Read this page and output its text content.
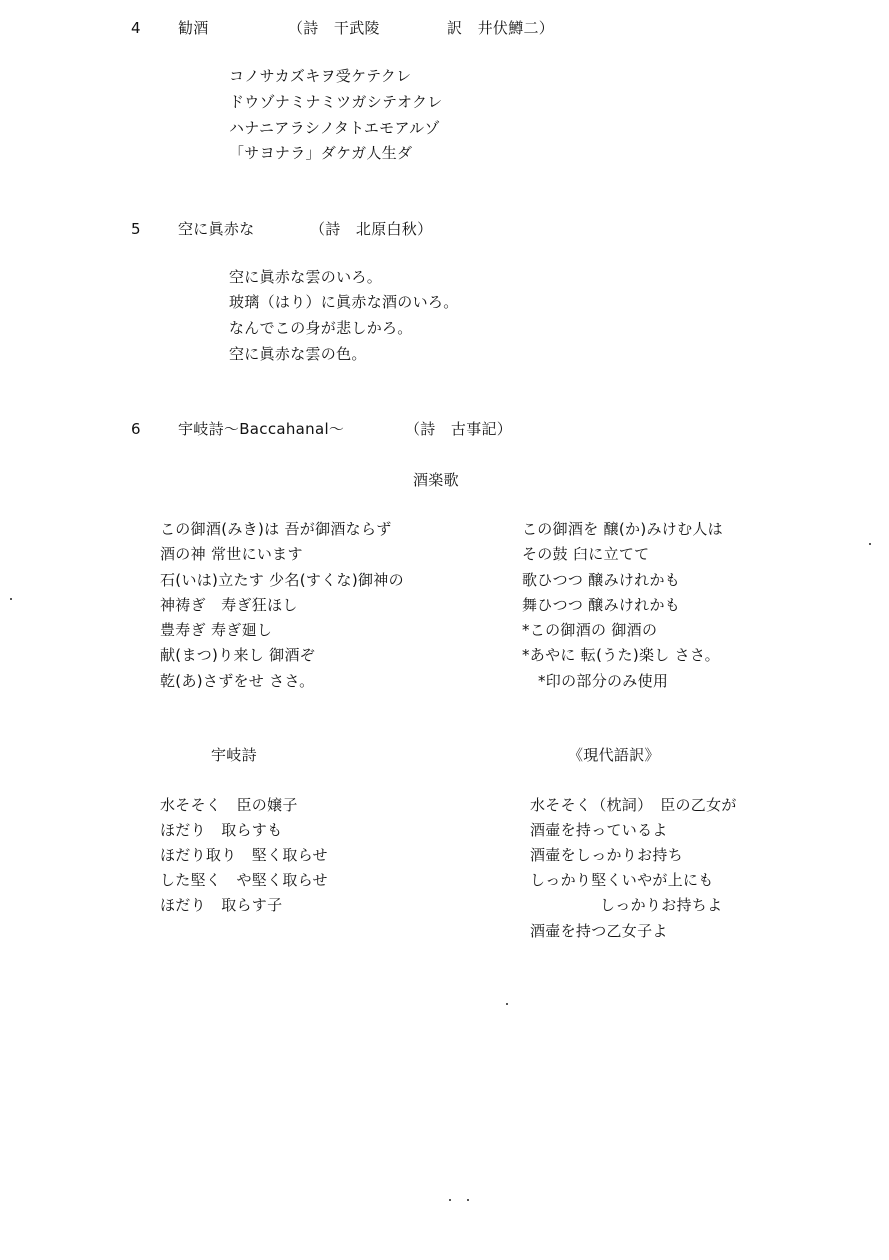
4 勧酒	（詩　干武陵	訳　井伏鱒二）
コノサカズキヲ受ケテクレ
ドウゾナミナミツガシテオクレ
ハナニアラシノタトエモアルゾ
「サヨナラ」ダケガ人生ダ
5 空に眞赤な	（詩　北原白秋）
空に眞赤な雲のいろ。
玻璃（はり）に眞赤な酒のいろ。
なんでこの身が悲しかろ。
空に眞赤な雲の色。
6 宇岐詩～Baccahanal～	（詩　古事記）
酒楽歌
この御酒(みき)は 吾が御酒ならず
酒の神 常世にいます
石(いは)立たす 少名(すくな)御神の
神祷ぎ　寿ぎ狂ほし
豊寿ぎ 寿ぎ廻し
献(まつ)り来し 御酒ぞ
乾(あ)さずをせ ささ。
この御酒を 醸(か)みけむ人は
その鼓 臼に立てて
歌ひつつ 醸みけれかも
舞ひつつ 醸みけれかも
*この御酒の 御酒の
*あやに 転(うた)楽し ささ。
*印の部分のみ使用
宇岐詩
水そそく　臣の嬢子
ほだり　取らすも
ほだり取り　堅く取らせ
した堅く　や堅く取らせ
ほだり　取らす子
《現代語訳》
水そそく（枕詞）　臣の乙女が
酒壷を持っているよ
酒壷をしっかりお持ち
しっかり堅くいやが上にも
しっかりお持ちよ
酒壷を持つ乙女子よ
